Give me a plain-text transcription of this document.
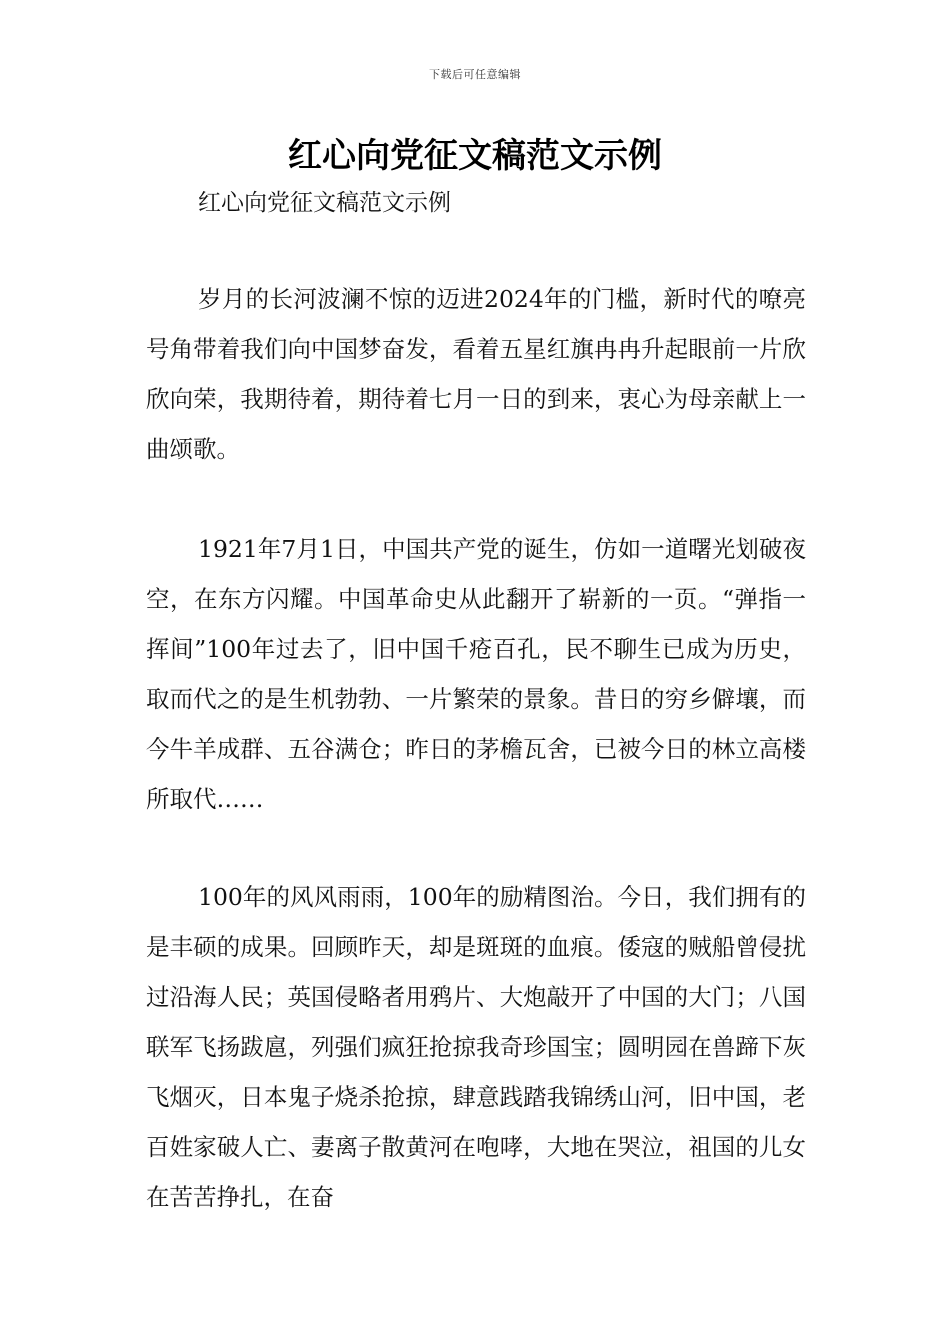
下载后可任意编辑
红心向党征文稿范文示例
红心向党征文稿范文示例

岁月的长河波澜不惊的迈进2024年的门槛，新时代的嘹亮号角带着我们向中国梦奋发，看着五星红旗冉冉升起眼前一片欣欣向荣，我期待着，期待着七月一日的到来，衷心为母亲献上一曲颂歌。

1921年7月1日，中国共产党的诞生，仿如一道曙光划破夜空，在东方闪耀。中国革命史从此翻开了崭新的一页。“弹指一挥间”100年过去了，旧中国千疮百孔，民不聊生已成为历史，取而代之的是生机勃勃、一片繁荣的景象。昔日的穷乡僻壤，而今牛羊成群、五谷满仓；昨日的茅檐瓦舍，已被今日的林立高楼所取代……

100年的风风雨雨，100年的励精图治。今日，我们拥有的是丰硕的成果。回顾昨天，却是斑斑的血痕。倭寇的贼船曾侵扰过沿海人民；英国侵略者用鸦片、大炮敲开了中国的大门；八国联军飞扬跋扈，列强们疯狂抢掠我奇珍国宝；圆明园在兽蹄下灰飞烟灭，日本鬼子烧杀抢掠，肆意践踏我锦绣山河，旧中国，老百姓家破人亡、妻离子散黄河在咆哮，大地在哭泣，祖国的儿女在苦苦挣扎，在奋
